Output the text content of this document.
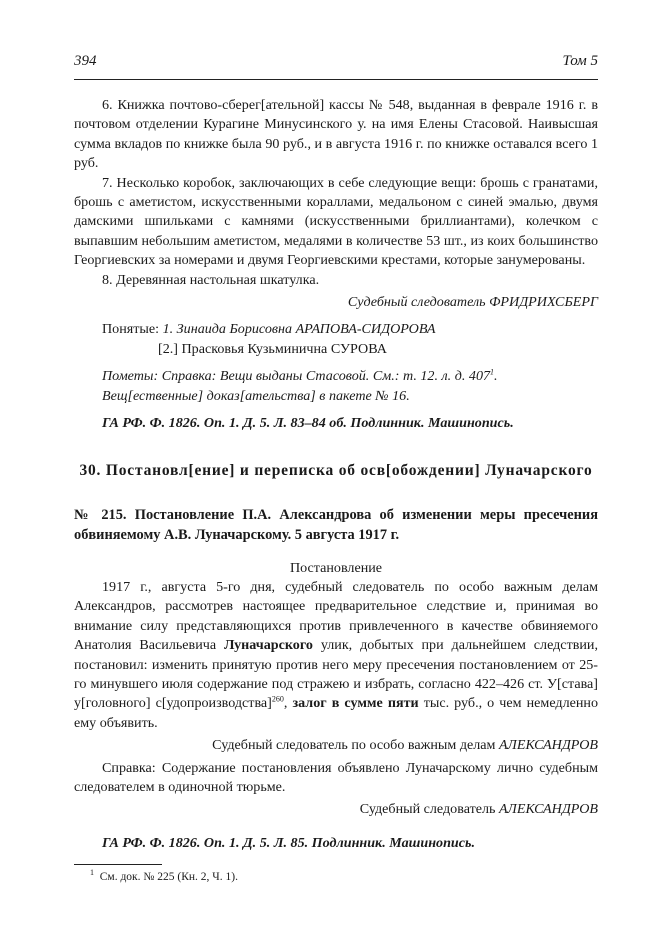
394	Том 5

6. Книжка почтово-сберег[ательной] кассы № 548, выданная в феврале 1916 г. в почтовом отделении Курагине Минусинского у. на имя Елены Стасовой. Наивысшая сумма вкладов по книжке была 90 руб., и в августа 1916 г. по книжке оставался всего 1 руб.

7. Несколько коробок, заключающих в себе следующие вещи: брошь с гранатами, брошь с аметистом, искусственными кораллами, медальоном с синей эмалью, двумя дамскими шпильками с камнями (искусственными бриллиантами), колечком с выпавшим небольшим аметистом, медалями в количестве 53 шт., из коих большинство Георгиевских за номерами и двумя Георгиевскими крестами, которые занумерованы.

8. Деревянная настольная шкатулка.

Судебный следователь ФРИДРИХСБЕРГ

Понятые: 1. Зинаида Борисовна АРАПОВА-СИДОРОВА

[2.] Прасковья Кузьминична СУРОВА

Пометы: Справка: Вещи выданы Стасовой. См.: т. 12. л. д. $407^1$.

Вещ[ественные] доказ[ательства] в пакете № 16.

ГА РФ. Ф. 1826. Оп. 1. Д. 5. Л. 83–84 об. Подлинник. Машинопись.

30. Постановл[ение] и переписка об осв[обождении] Луначарского

№ 215. Постановление П.А. Александрова об изменении меры пресечения обвиняемому А.В. Луначарскому. 5 августа 1917 г.

Постановление

1917 г., августа 5-го дня, судебный следователь по особо важным делам Александров, рассмотрев настоящее предварительное следствие и, принимая во внимание силу представляющихся против привлеченного в качестве обвиняемого Анатолия Васильевича Луначарского улик, добытых при дальнейшем следствии, постановил: изменить принятую против него меру пресечения постановлением от 25-го минувшего июля содержание под стражею и избрать, согласно 422–426 ст. У[става] у[головного] с[удопроизводства]$^{260}$, залог в сумме пяти тыс. руб., о чем немедленно ему объявить.

Судебный следователь по особо важным делам АЛЕКСАНДРОВ

Справка: Содержание постановления объявлено Луначарскому лично судебным следователем в одиночной тюрьме.

Судебный следователь АЛЕКСАНДРОВ

ГА РФ. Ф. 1826. Оп. 1. Д. 5. Л. 85. Подлинник. Машинопись.

$^1$ См. док. № 225 (Кн. 2, Ч. 1).
